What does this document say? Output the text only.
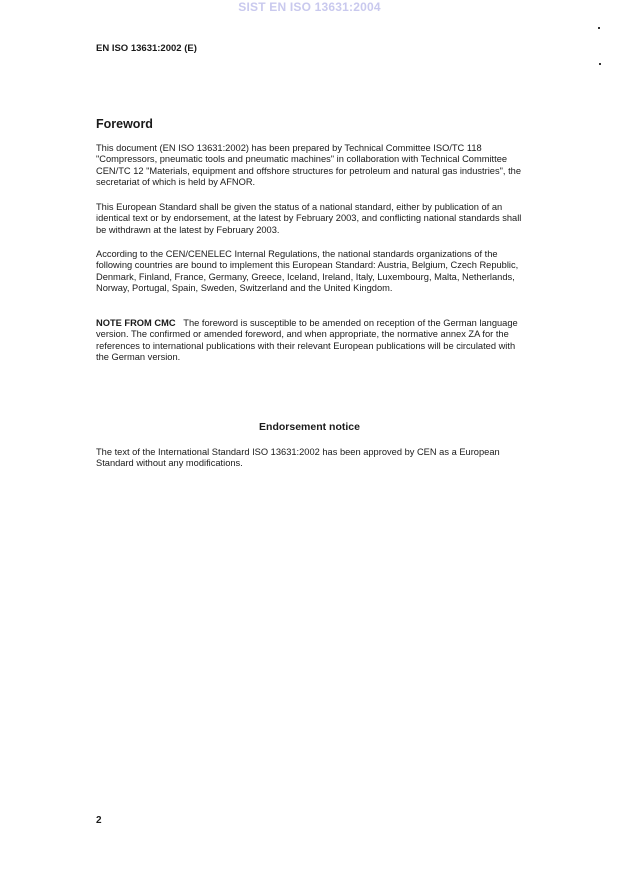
SIST EN ISO 13631:2004
EN ISO 13631:2002 (E)
Foreword
This document (EN ISO 13631:2002) has been prepared by Technical Committee ISO/TC 118 "Compressors, pneumatic tools and pneumatic machines" in collaboration with Technical Committee CEN/TC 12 "Materials, equipment and offshore structures for petroleum and natural gas industries", the secretariat of which is held by AFNOR.
This European Standard shall be given the status of a national standard, either by publication of an identical text or by endorsement, at the latest by February 2003, and conflicting national standards shall be withdrawn at the latest by February 2003.
According to the CEN/CENELEC Internal Regulations, the national standards organizations of the following countries are bound to implement this European Standard: Austria, Belgium, Czech Republic, Denmark, Finland, France, Germany, Greece, Iceland, Ireland, Italy, Luxembourg, Malta, Netherlands, Norway, Portugal, Spain, Sweden, Switzerland and the United Kingdom.
NOTE FROM CMC The foreword is susceptible to be amended on reception of the German language version. The confirmed or amended foreword, and when appropriate, the normative annex ZA for the references to international publications with their relevant European publications will be circulated with the German version.
Endorsement notice
The text of the International Standard ISO 13631:2002 has been approved by CEN as a European Standard without any modifications.
2
